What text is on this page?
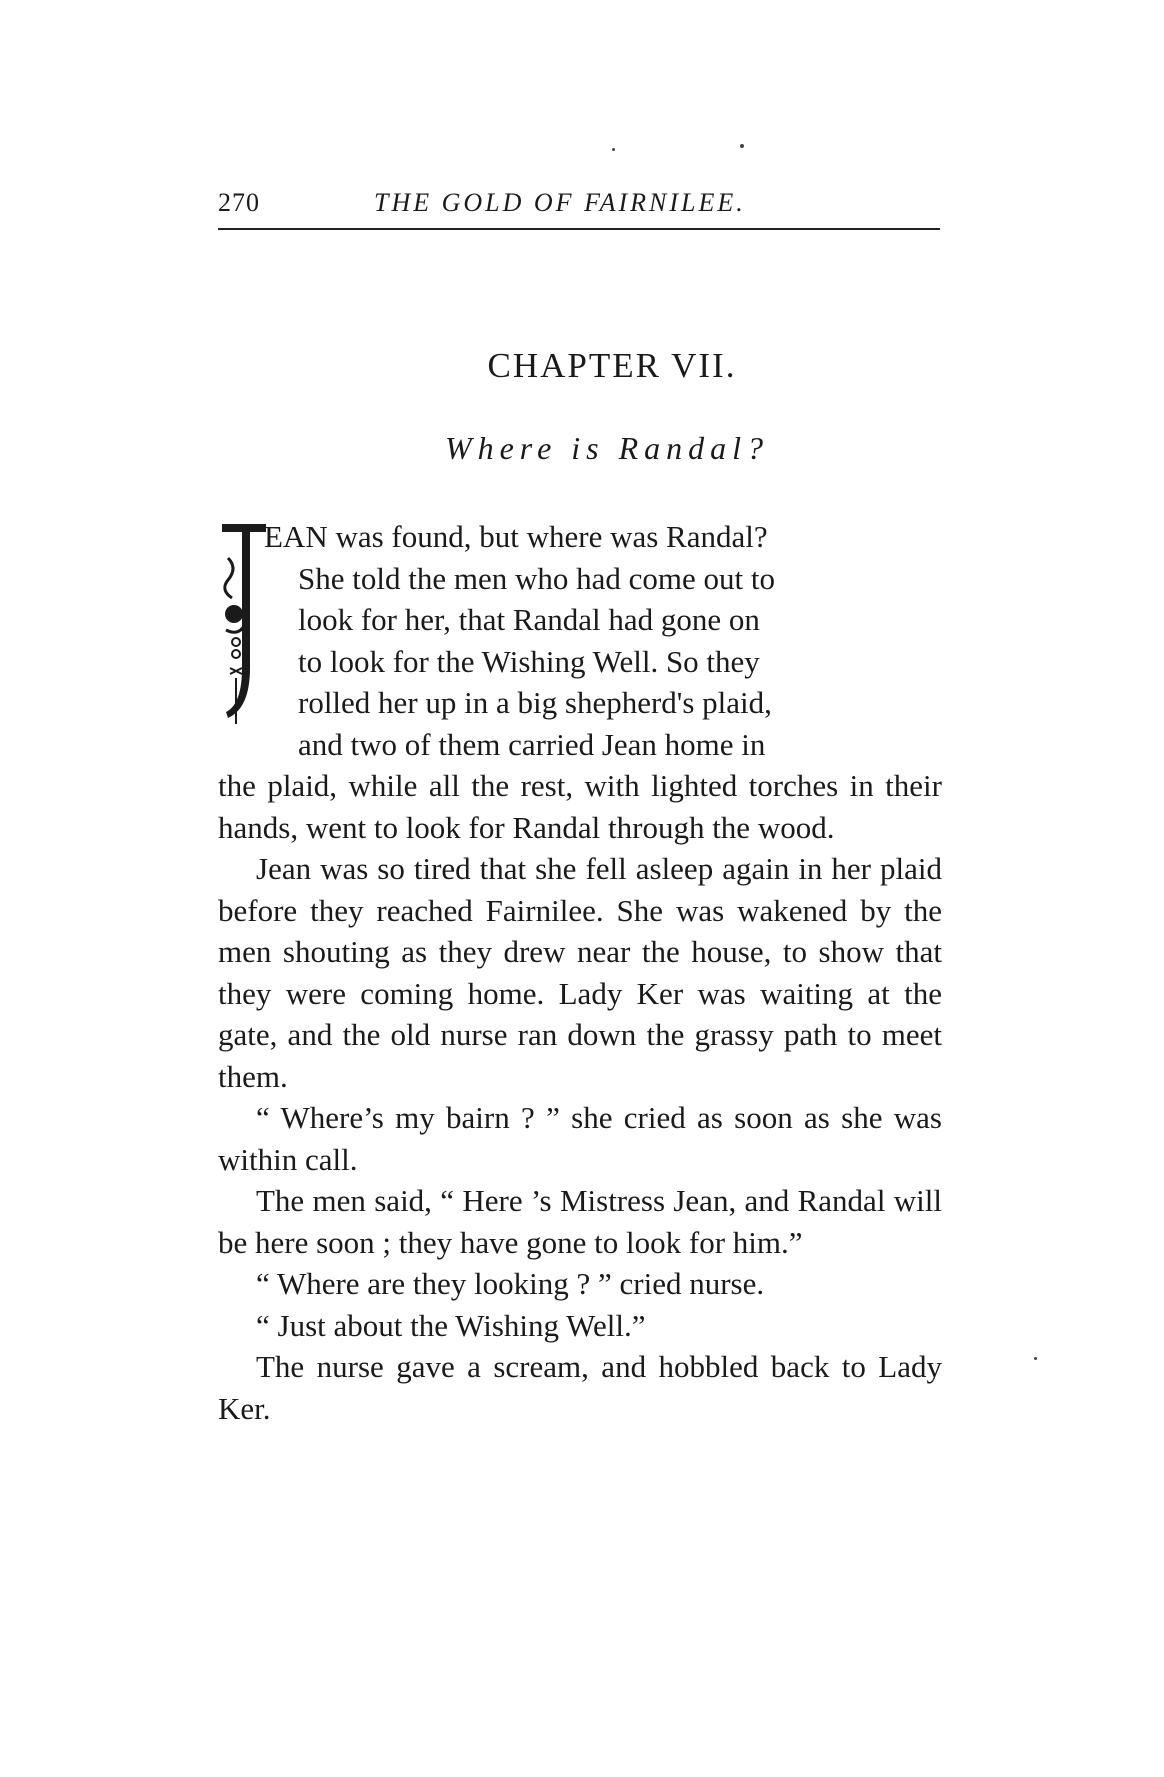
270	THE GOLD OF FAIRNILEE.
CHAPTER VII.
Where is Randal?

EAN was found, but where was Randal?
She told the men who had come out to
look for her, that Randal had gone on
to look for the Wishing Well. So they
rolled her up in a big shepherd's plaid,
and two of them carried Jean home in
the plaid, while all the rest, with lighted torches in their hands, went to look for Randal through the wood.

Jean was so tired that she fell asleep again in her plaid before they reached Fairnilee. She was wakened by the men shouting as they drew near the house, to show that they were coming home. Lady Ker was waiting at the gate, and the old nurse ran down the grassy path to meet them.

“ Where’s my bairn ? ” she cried as soon as she was within call.

The men said, “ Here ’s Mistress Jean, and Randal will be here soon ; they have gone to look for him.”

“ Where are they looking ? ” cried nurse.

“ Just about the Wishing Well.”

The nurse gave a scream, and hobbled back to Lady Ker.
